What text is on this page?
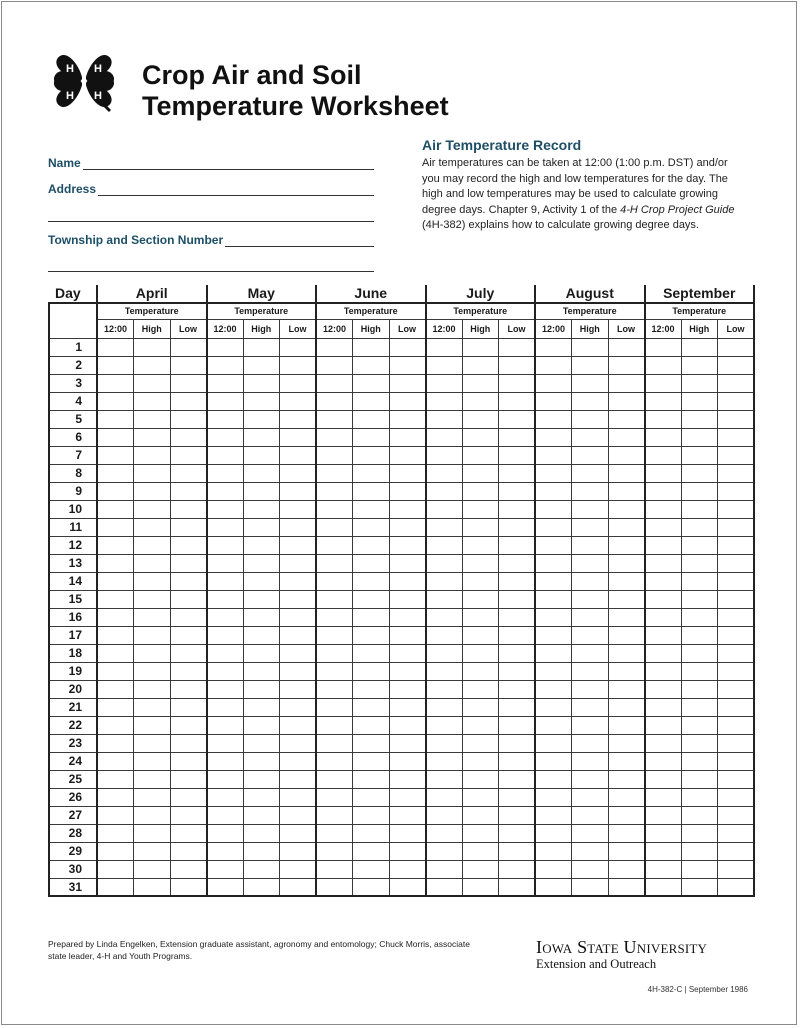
H H
H H
Crop Air and Soil
Temperature Worksheet
Name
Address
Township and Section Number
Air Temperature Record

Air temperatures can be taken at 12:00 (1:00 p.m. DST) and/or you may record the high and low temperatures for the day. The high and low temperatures may be used to calculate growing degree days. Chapter 9, Activity 1 of the 4-H Crop Project Guide (4H-382) explains how to calculate growing degree days.

Day	April			May			June			July			August			September		
	Temperature			Temperature			Temperature			Temperature			Temperature			Temperature		
	12:00	High	Low	12:00	High	Low	12:00	High	Low	12:00	High	Low	12:00	High	Low	12:00	High	Low
1																		
2																		
3																		
4																		
5																		
6																		
7																		
8																		
9																		
10																		
11																		
12																		
13																		
14																		
15																		
16																		
17																		
18																		
19																		
20																		
21																		
22																		
23																		
24																		
25																		
26																		
27																		
28																		
29																		
30																		
31																		

Prepared by Linda Engelken, Extension graduate assistant, agronomy and entomology; Chuck Morris, associate state leader, 4-H and Youth Programs.	Iowa State University

Extension and Outreach

4H-382-C | September 1986
